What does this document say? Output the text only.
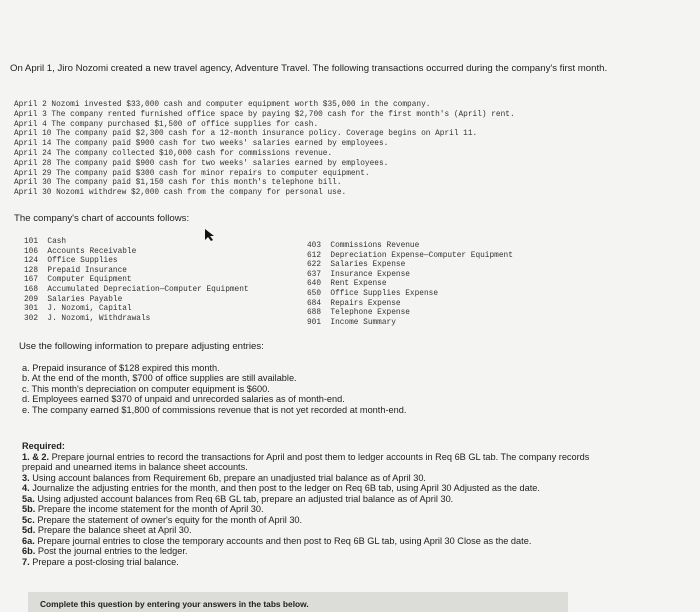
On April 1, Jiro Nozomi created a new travel agency, Adventure Travel. The following transactions occurred during the company's first month.
April 2 Nozomi invested $33,000 cash and computer equipment worth $35,000 in the company.
April 3 The company rented furnished office space by paying $2,700 cash for the first month's (April) rent.
April 4 The company purchased $1,500 of office supplies for cash.
April 10 The company paid $2,300 cash for a 12-month insurance policy. Coverage begins on April 11.
April 14 The company paid $900 cash for two weeks' salaries earned by employees.
April 24 The company collected $10,000 cash for commissions revenue.
April 28 The company paid $900 cash for two weeks' salaries earned by employees.
April 29 The company paid $300 cash for minor repairs to computer equipment.
April 30 The company paid $1,150 cash for this month's telephone bill.
April 30 Nozomi withdrew $2,000 cash from the company for personal use.
The company's chart of accounts follows:
101  Cash
106  Accounts Receivable
124  Office Supplies
128  Prepaid Insurance
167  Computer Equipment
168  Accumulated Depreciation—Computer Equipment
209  Salaries Payable
301  J. Nozomi, Capital
302  J. Nozomi, Withdrawals
403  Commissions Revenue
612  Depreciation Expense—Computer Equipment
622  Salaries Expense
637  Insurance Expense
640  Rent Expense
650  Office Supplies Expense
684  Repairs Expense
688  Telephone Expense
901  Income Summary
Use the following information to prepare adjusting entries:
a. Prepaid insurance of $128 expired this month.
b. At the end of the month, $700 of office supplies are still available.
c. This month's depreciation on computer equipment is $600.
d. Employees earned $370 of unpaid and unrecorded salaries as of month-end.
e. The company earned $1,800 of commissions revenue that is not yet recorded at month-end.
Required:
1. & 2. Prepare journal entries to record the transactions for April and post them to ledger accounts in Req 6B GL tab. The company records prepaid and unearned items in balance sheet accounts.
3. Using account balances from Requirement 6b, prepare an unadjusted trial balance as of April 30.
4. Journalize the adjusting entries for the month, and then post to the ledger on Req 6B tab, using April 30 Adjusted as the date.
5a. Using adjusted account balances from Req 6B GL tab, prepare an adjusted trial balance as of April 30.
5b. Prepare the income statement for the month of April 30.
5c. Prepare the statement of owner's equity for the month of April 30.
5d. Prepare the balance sheet at April 30.
6a. Prepare journal entries to close the temporary accounts and then post to Req 6B GL tab, using April 30 Close as the date.
6b. Post the journal entries to the ledger.
7. Prepare a post-closing trial balance.
Complete this question by entering your answers in the tabs below.
